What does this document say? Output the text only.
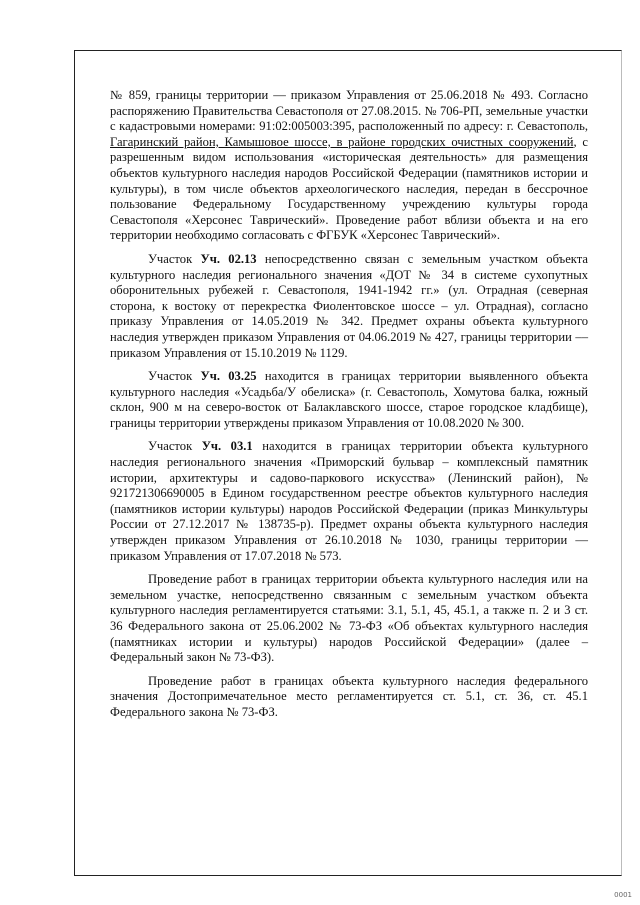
№ 859, границы территории — приказом Управления от 25.06.2018 № 493. Согласно распоряжению Правительства Севастополя от 27.08.2015. № 706-РП, земельные участки с кадастровыми номерами: 91:02:005003:395, расположенный по адресу: г. Севастополь, Гагаринский район, Камышовое шоссе, в районе городских очистных сооружений, с разрешенным видом использования «историческая деятельность» для размещения объектов культурного наследия народов Российской Федерации (памятников истории и культуры), в том числе объектов археологического наследия, передан в бессрочное пользование Федеральному Государственному учреждению культуры города Севастополя «Херсонес Таврический». Проведение работ вблизи объекта и на его территории необходимо согласовать с ФГБУК «Херсонес Таврический».

Участок Уч. 02.13 непосредственно связан с земельным участком объекта культурного наследия регионального значения «ДОТ № 34 в системе сухопутных оборонительных рубежей г. Севастополя, 1941-1942 гг.» (ул. Отрадная (северная сторона, к востоку от перекрестка Фиолентовское шоссе – ул. Отрадная), согласно приказу Управления от 14.05.2019 № 342. Предмет охраны объекта культурного наследия утвержден приказом Управления от 04.06.2019 № 427, границы территории –– приказом Управления от 15.10.2019 № 1129.

Участок Уч. 03.25 находится в границах территории выявленного объекта культурного наследия «Усадьба/У обелиска» (г. Севастополь, Хомутова балка, южный склон, 900 м на северо-восток от Балаклавского шоссе, старое городское кладбище), границы территории утверждены приказом Управления от 10.08.2020 № 300.

Участок Уч. 03.1 находится в границах территории объекта культурного наследия регионального значения «Приморский бульвар – комплексный памятник истории, архитектуры и садово-паркового искусства» (Ленинский район), № 921721306690005 в Едином государственном реестре объектов культурного наследия (памятников истории культуры) народов Российской Федерации (приказ Минкультуры России от 27.12.2017 № 138735-р). Предмет охраны объекта культурного наследия утвержден приказом Управления от 26.10.2018 № 1030, границы территории — приказом Управления от 17.07.2018 № 573.

Проведение работ в границах территории объекта культурного наследия или на земельном участке, непосредственно связанным с земельным участком объекта культурного наследия регламентируется статьями: 3.1, 5.1, 45, 45.1, а также п. 2 и 3 ст. 36 Федерального закона от 25.06.2002 № 73-ФЗ «Об объектах культурного наследия (памятниках истории и культуры) народов Российской Федерации» (далее – Федеральный закон № 73-ФЗ).

Проведение работ в границах объекта культурного наследия федерального значения Достопримечательное место регламентируется ст. 5.1, ст. 36, ст. 45.1 Федерального закона № 73-ФЗ.

0001
